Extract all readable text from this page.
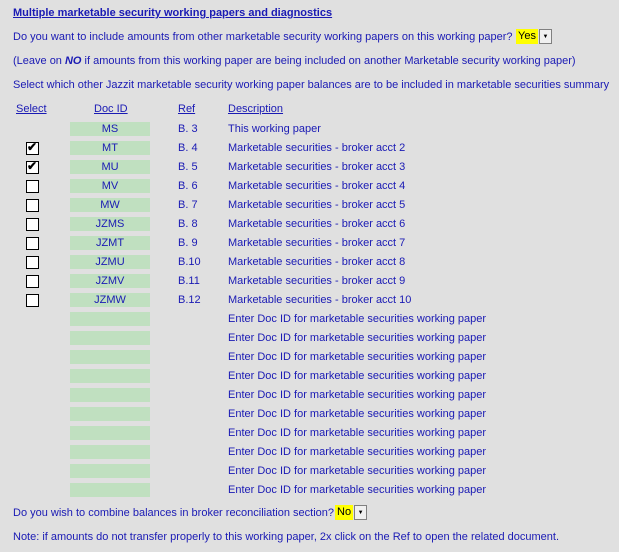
Multiple marketable security working papers and diagnostics
Do you want to include amounts from other marketable security working papers on this working paper? Yes	▼
(Leave on NO if amounts from this working paper are being included on another Marketable security working paper)
Select which other Jazzit marketable security working paper balances are to be included in marketable securities summary
Select	Doc ID	Ref	Description
MS	B. 3	This working paper
✔	MT	B. 4	Marketable securities - broker acct 2
✔	MU	B. 5	Marketable securities - broker acct 3
MV	B. 6	Marketable securities - broker acct 4
MW	B. 7	Marketable securities - broker acct 5
JZMS	B. 8	Marketable securities - broker acct 6
JZMT	B. 9	Marketable securities - broker acct 7
JZMU	B.10 Marketable securities - broker acct 8
JZMV	B.11	Marketable securities - broker acct 9
JZMW	B.12 Marketable securities - broker acct 10
Enter Doc ID for marketable securities working paper
Enter Doc ID for marketable securities working paper
Enter Doc ID for marketable securities working paper
Enter Doc ID for marketable securities working paper
Enter Doc ID for marketable securities working paper
Enter Doc ID for marketable securities working paper
Enter Doc ID for marketable securities working paper
Enter Doc ID for marketable securities working paper
Enter Doc ID for marketable securities working paper
Enter Doc ID for marketable securities working paper
Do you wish to combine balances in broker reconciliation section? No	▼
Note: if amounts do not transfer properly to this working paper, 2x click on the Ref to open the related document.
